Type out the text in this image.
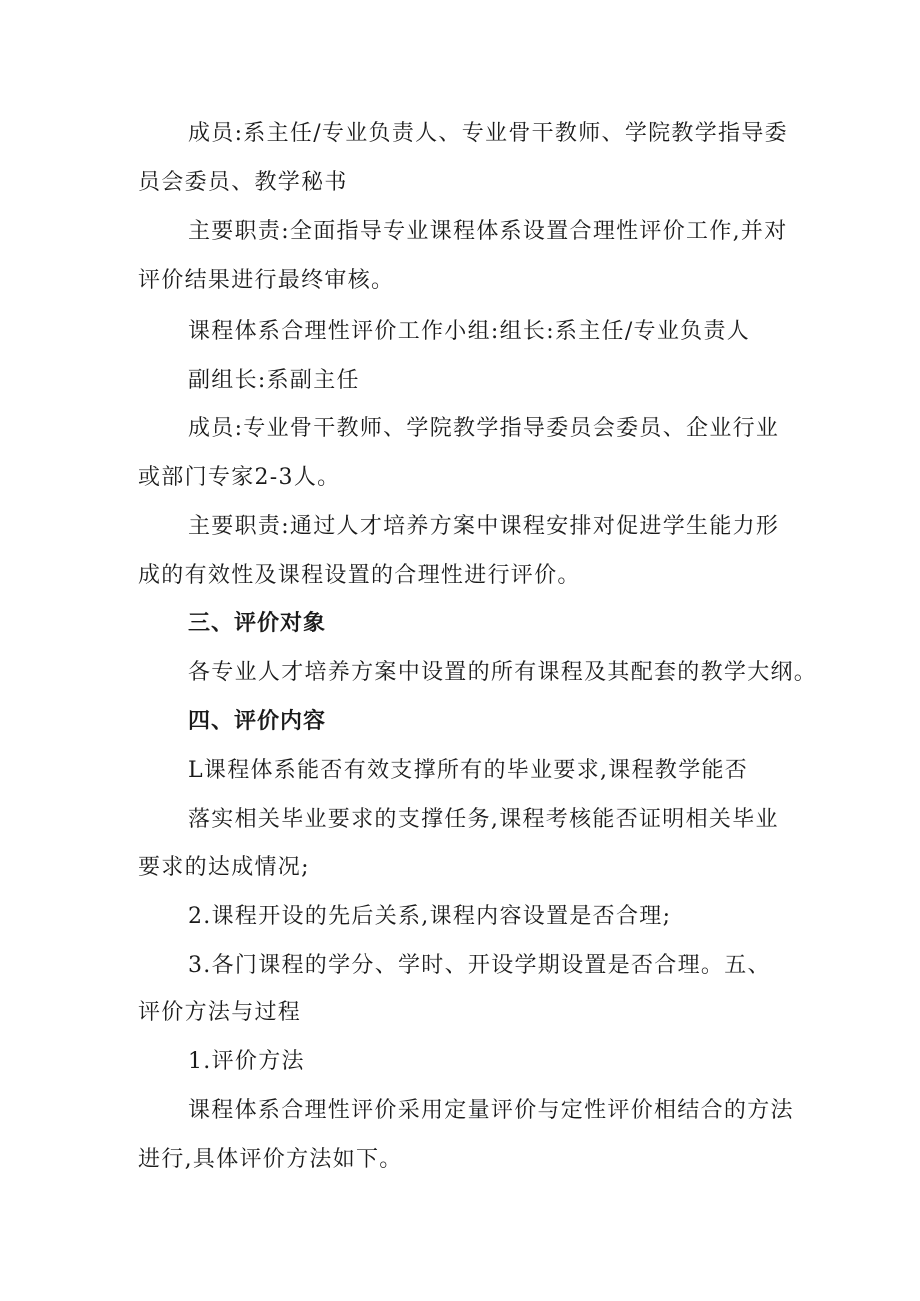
成员:系主任/专业负责人、专业骨干教师、学院教学指导委
员会委员、教学秘书
主要职责:全面指导专业课程体系设置合理性评价工作,并对
评价结果进行最终审核。
课程体系合理性评价工作小组:组长:系主任/专业负责人
副组长:系副主任
成员:专业骨干教师、学院教学指导委员会委员、企业行业
或部门专家2-3人。
主要职责:通过人才培养方案中课程安排对促进学生能力形
成的有效性及课程设置的合理性进行评价。
三、评价对象
各专业人才培养方案中设置的所有课程及其配套的教学大纲。
四、评价内容
L课程体系能否有效支撑所有的毕业要求,课程教学能否
落实相关毕业要求的支撑任务,课程考核能否证明相关毕业
要求的达成情况;
2.课程开设的先后关系,课程内容设置是否合理;
3.各门课程的学分、学时、开设学期设置是否合理。五、
评价方法与过程
1.评价方法
课程体系合理性评价采用定量评价与定性评价相结合的方法
进行,具体评价方法如下。
